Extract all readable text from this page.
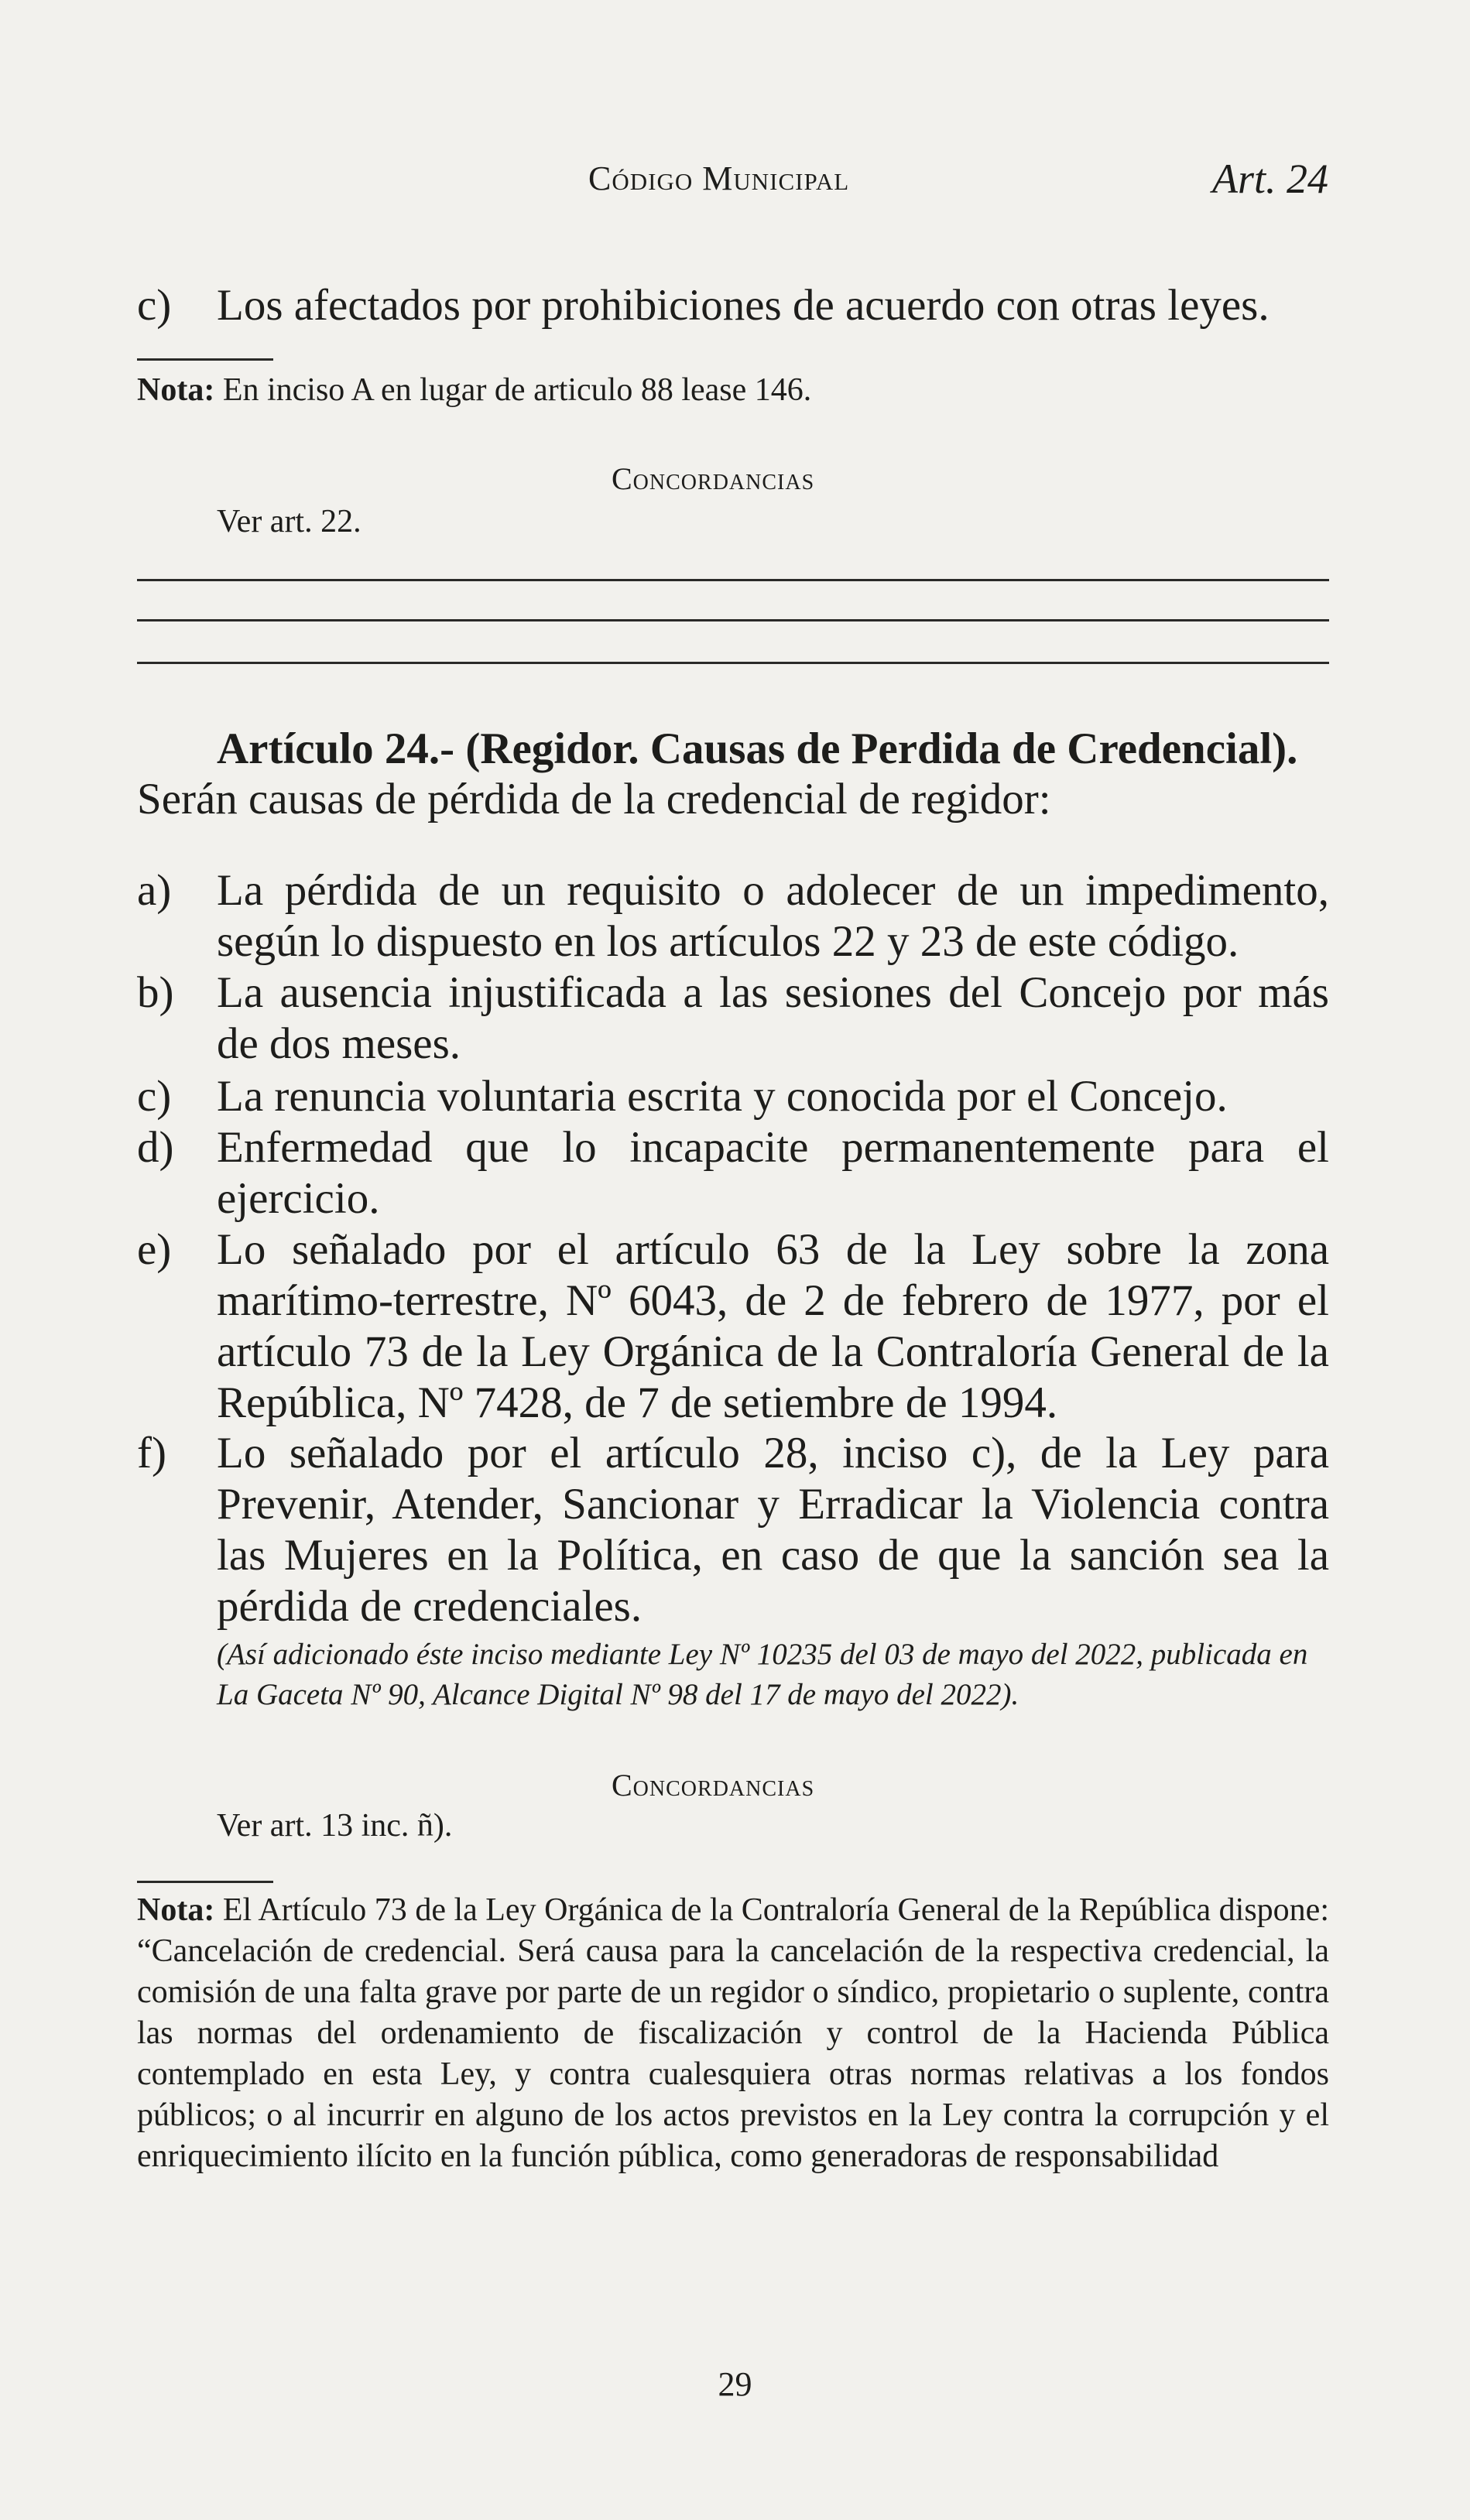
Código Municipal	Art. 24
c)	Los afectados por prohibiciones de acuerdo con otras leyes.
Nota: En inciso A en lugar de articulo 88 lease 146.
Concordancias
Ver art. 22.
Artículo 24.- (Regidor. Causas de Perdida de Credencial).
Serán causas de pérdida de la credencial de regidor:
a)	La pérdida de un requisito o adolecer de un impedimento, según lo dispuesto en los artículos 22 y 23 de este código.
b) La ausencia injustificada a las sesiones del Concejo por más de dos meses.
c)	La renuncia voluntaria escrita y conocida por el Concejo.
d) Enfermedad que lo incapacite permanentemente para el ejercicio.
e)	Lo señalado por el artículo 63 de la Ley sobre la zona marítimo-terrestre, Nº 6043, de 2 de febrero de 1977, por el artículo 73 de la Ley Orgánica de la Contraloría General de la República, Nº 7428, de 7 de setiembre de 1994.
f)	Lo señalado por el artículo 28, inciso c), de la Ley para Prevenir, Atender, Sancionar y Erradicar la Violencia contra las Mujeres en la Política, en caso de que la sanción sea la pérdida de credenciales.
(Así adicionado éste inciso mediante Ley Nº 10235 del 03 de mayo del 2022, publicada en La Gaceta Nº 90, Alcance Digital Nº 98 del 17 de mayo del 2022).
Concordancias
Ver art. 13 inc. ñ).
Nota: El Artículo 73 de la Ley Orgánica de la Contraloría General de la República dispone: “Cancelación de credencial. Será causa para la cancelación de la respectiva credencial, la comisión de una falta grave por parte de un regidor o síndico, propietario o suplente, contra las normas del ordenamiento de fiscalización y control de la Hacienda Pública contemplado en esta Ley, y contra cualesquiera otras normas relativas a los fondos públicos; o al incurrir en alguno de los actos previstos en la Ley contra la corrupción y el enriquecimiento ilícito en la función pública, como generadoras de responsabilidad
29
